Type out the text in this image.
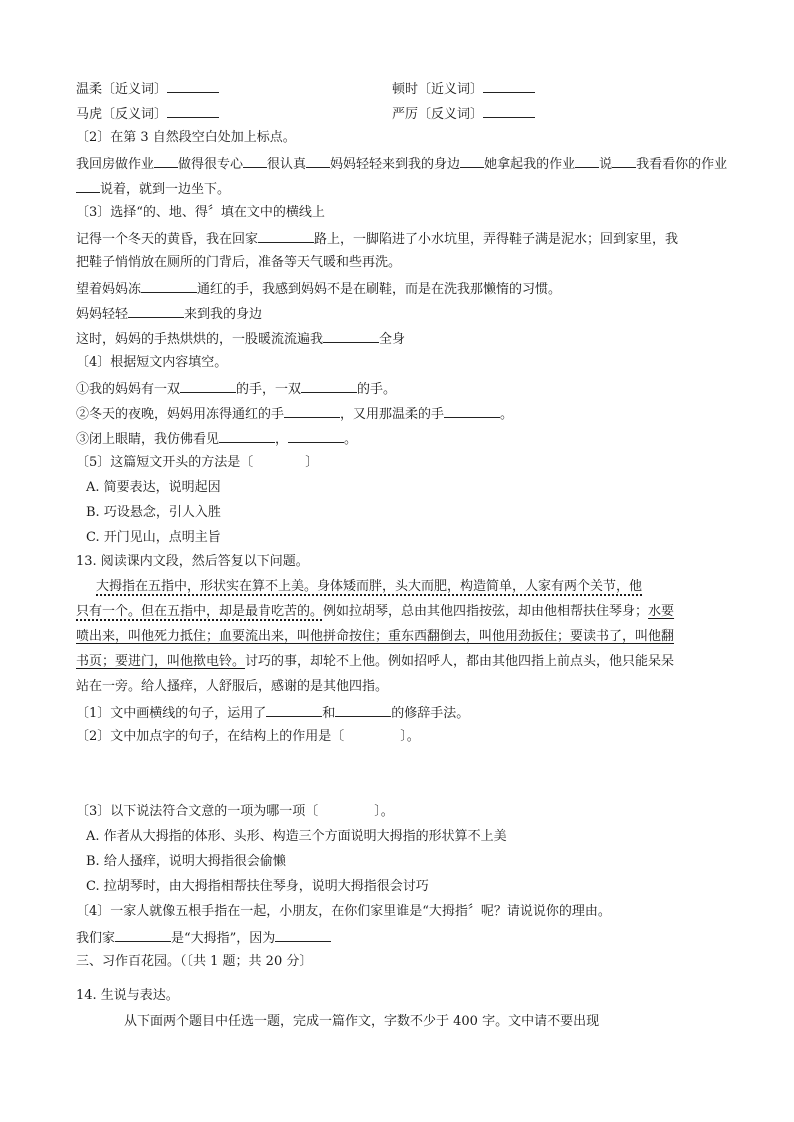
温柔〔近义词〕	顿时〔近义词〕
马虎〔反义词〕	严厉〔反义词〕
〔2〕在第 3 自然段空白处加上标点。
我回房做作业 做得很专心 很认真 妈妈轻轻来到我的身边 她拿起我的作业 说 我看看你的作业
说着，就到一边坐下。
〔3〕选择“的、地、得〞填在文中的横线上
记得一个冬天的黄昏，我在回家	路上，一脚陷进了小水坑里，弄得鞋子满是泥水；回到家里，我
把鞋子悄悄放在厕所的门背后，准备等天气暖和些再洗。
望着妈妈冻	通红的手，我感到妈妈不是在刷鞋，而是在洗我那懒惰的习惯。
妈妈轻轻	来到我的身边
这时，妈妈的手热烘烘的，一股暖流流遍我	全身
〔4〕根据短文内容填空。
①我的妈妈有一双	的手，一双	的手。
②冬天的夜晚，妈妈用冻得通红的手	，又用那温柔的手	。
③闭上眼睛，我仿佛看见	，	。
〔5〕这篇短文开头的方法是〔	〕
A. 简要表达，说明起因
B. 巧设悬念，引人入胜
C. 开门见山，点明主旨
13. 阅读课内文段，然后答复以下问题。
大拇指在五指中，形状实在算不上美。身体矮而胖，头大而肥，构造简单，人家有两个关节，他
只有一个。但在五指中，却是最肯吃苦的。例如拉胡琴，总由其他四指按弦，却由他相帮扶住琴身；水要
喷出来，叫他死力抵住；血要流出来，叫他拼命按住；重东西翻倒去，叫他用劲扳住；要读书了，叫他翻
书页；要进门，叫他揿电铃。讨巧的事，却轮不上他。例如招呼人，都由其他四指上前点头，他只能呆呆
站在一旁。给人搔痒，人舒服后，感谢的是其他四指。
〔1〕文中画横线的句子，运用了	和	的修辞手法。
〔2〕文中加点字的句子，在结构上的作用是〔	〕。
〔3〕以下说法符合文意的一项为哪一项〔	〕。
A. 作者从大拇指的体形、头形、构造三个方面说明大拇指的形状算不上美
B. 给人搔痒，说明大拇指很会偷懒
C. 拉胡琴时，由大拇指相帮扶住琴身，说明大拇指很会讨巧
〔4〕一家人就像五根手指在一起，小朋友，在你们家里谁是“大拇指〞呢？请说说你的理由。
我们家	是“大拇指”，因为
三、习作百花园。（〔共 1 题；共 20 分〕
14. 生说与表达。
从下面两个题目中任选一题，完成一篇作文，字数不少于 400 字。文中请不要出现
